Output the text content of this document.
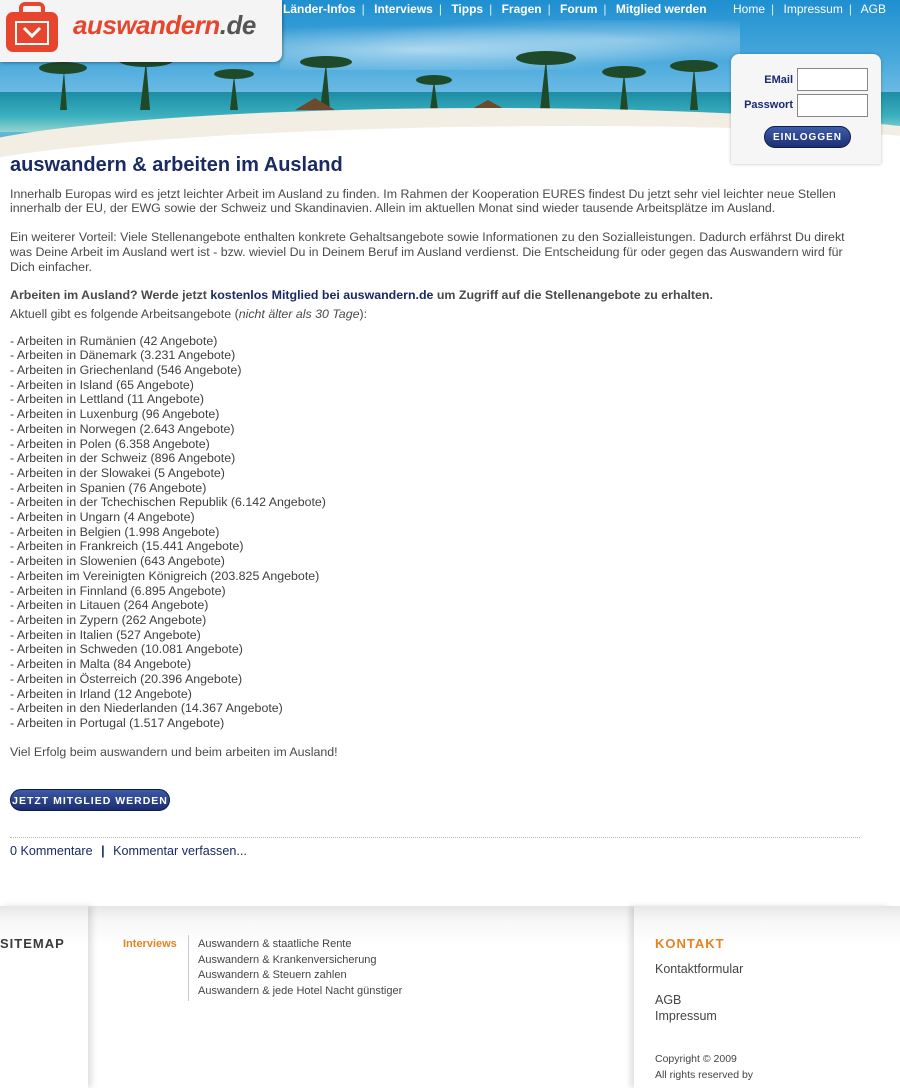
auswandern.de
Länder-Infos | Interviews | Tipps | Fragen | Forum | Mitglied werden Home | Impressum | AGB
EMail
Passwort
EINLOGGEN
auswandern & arbeiten im Ausland

Innerhalb Europas wird es jetzt leichter Arbeit im Ausland zu finden. Im Rahmen der Kooperation EURES findest Du jetzt sehr viel leichter neue Stellen innerhalb der EU, der EWG sowie der Schweiz und Skandinavien. Allein im aktuellen Monat sind wieder tausende Arbeitsplätze im Ausland.

Ein weiterer Vorteil: Viele Stellenangebote enthalten konkrete Gehaltsangebote sowie Informationen zu den Sozialleistungen. Dadurch erfährst Du direkt was Deine Arbeit im Ausland wert ist - bzw. wieviel Du in Deinem Beruf im Ausland verdienst. Die Entscheidung für oder gegen das Auswandern wird für Dich einfacher.

Arbeiten im Ausland? Werde jetzt kostenlos Mitglied bei auswandern.de um Zugriff auf die Stellenangebote zu erhalten.

Aktuell gibt es folgende Arbeitsangebote (nicht älter als 30 Tage):

- Arbeiten in Rumänien (42 Angebote)
- Arbeiten in Dänemark (3.231 Angebote)
- Arbeiten in Griechenland (546 Angebote)
- Arbeiten in Island (65 Angebote)
- Arbeiten in Lettland (11 Angebote)
- Arbeiten in Luxenburg (96 Angebote)
- Arbeiten in Norwegen (2.643 Angebote)
- Arbeiten in Polen (6.358 Angebote)
- Arbeiten in der Schweiz (896 Angebote)
- Arbeiten in der Slowakei (5 Angebote)
- Arbeiten in Spanien (76 Angebote)
- Arbeiten in der Tchechischen Republik (6.142 Angebote)
- Arbeiten in Ungarn (4 Angebote)
- Arbeiten in Belgien (1.998 Angebote)
- Arbeiten in Frankreich (15.441 Angebote)
- Arbeiten in Slowenien (643 Angebote)
- Arbeiten im Vereinigten Königreich (203.825 Angebote)
- Arbeiten in Finnland (6.895 Angebote)
- Arbeiten in Litauen (264 Angebote)
- Arbeiten in Zypern (262 Angebote)
- Arbeiten in Italien (527 Angebote)
- Arbeiten in Schweden (10.081 Angebote)
- Arbeiten in Malta (84 Angebote)
- Arbeiten in Österreich (20.396 Angebote)
- Arbeiten in Irland (12 Angebote)
- Arbeiten in den Niederlanden (14.367 Angebote)
- Arbeiten in Portugal (1.517 Angebote)

Viel Erfolg beim auswandern und beim arbeiten im Ausland!

JETZT MITGLIED WERDEN
0 Kommentare | Kommentar verfassen...
SITEMAP	Interviews Auswandern & staatliche Rente
Auswandern & Krankenversicherung
Auswandern & Steuern zahlen
Auswandern & jede Hotel Nacht günstiger
KONTAKT
Kontaktformular
AGB
Impressum
Copyright © 2009
All rights reserved by
